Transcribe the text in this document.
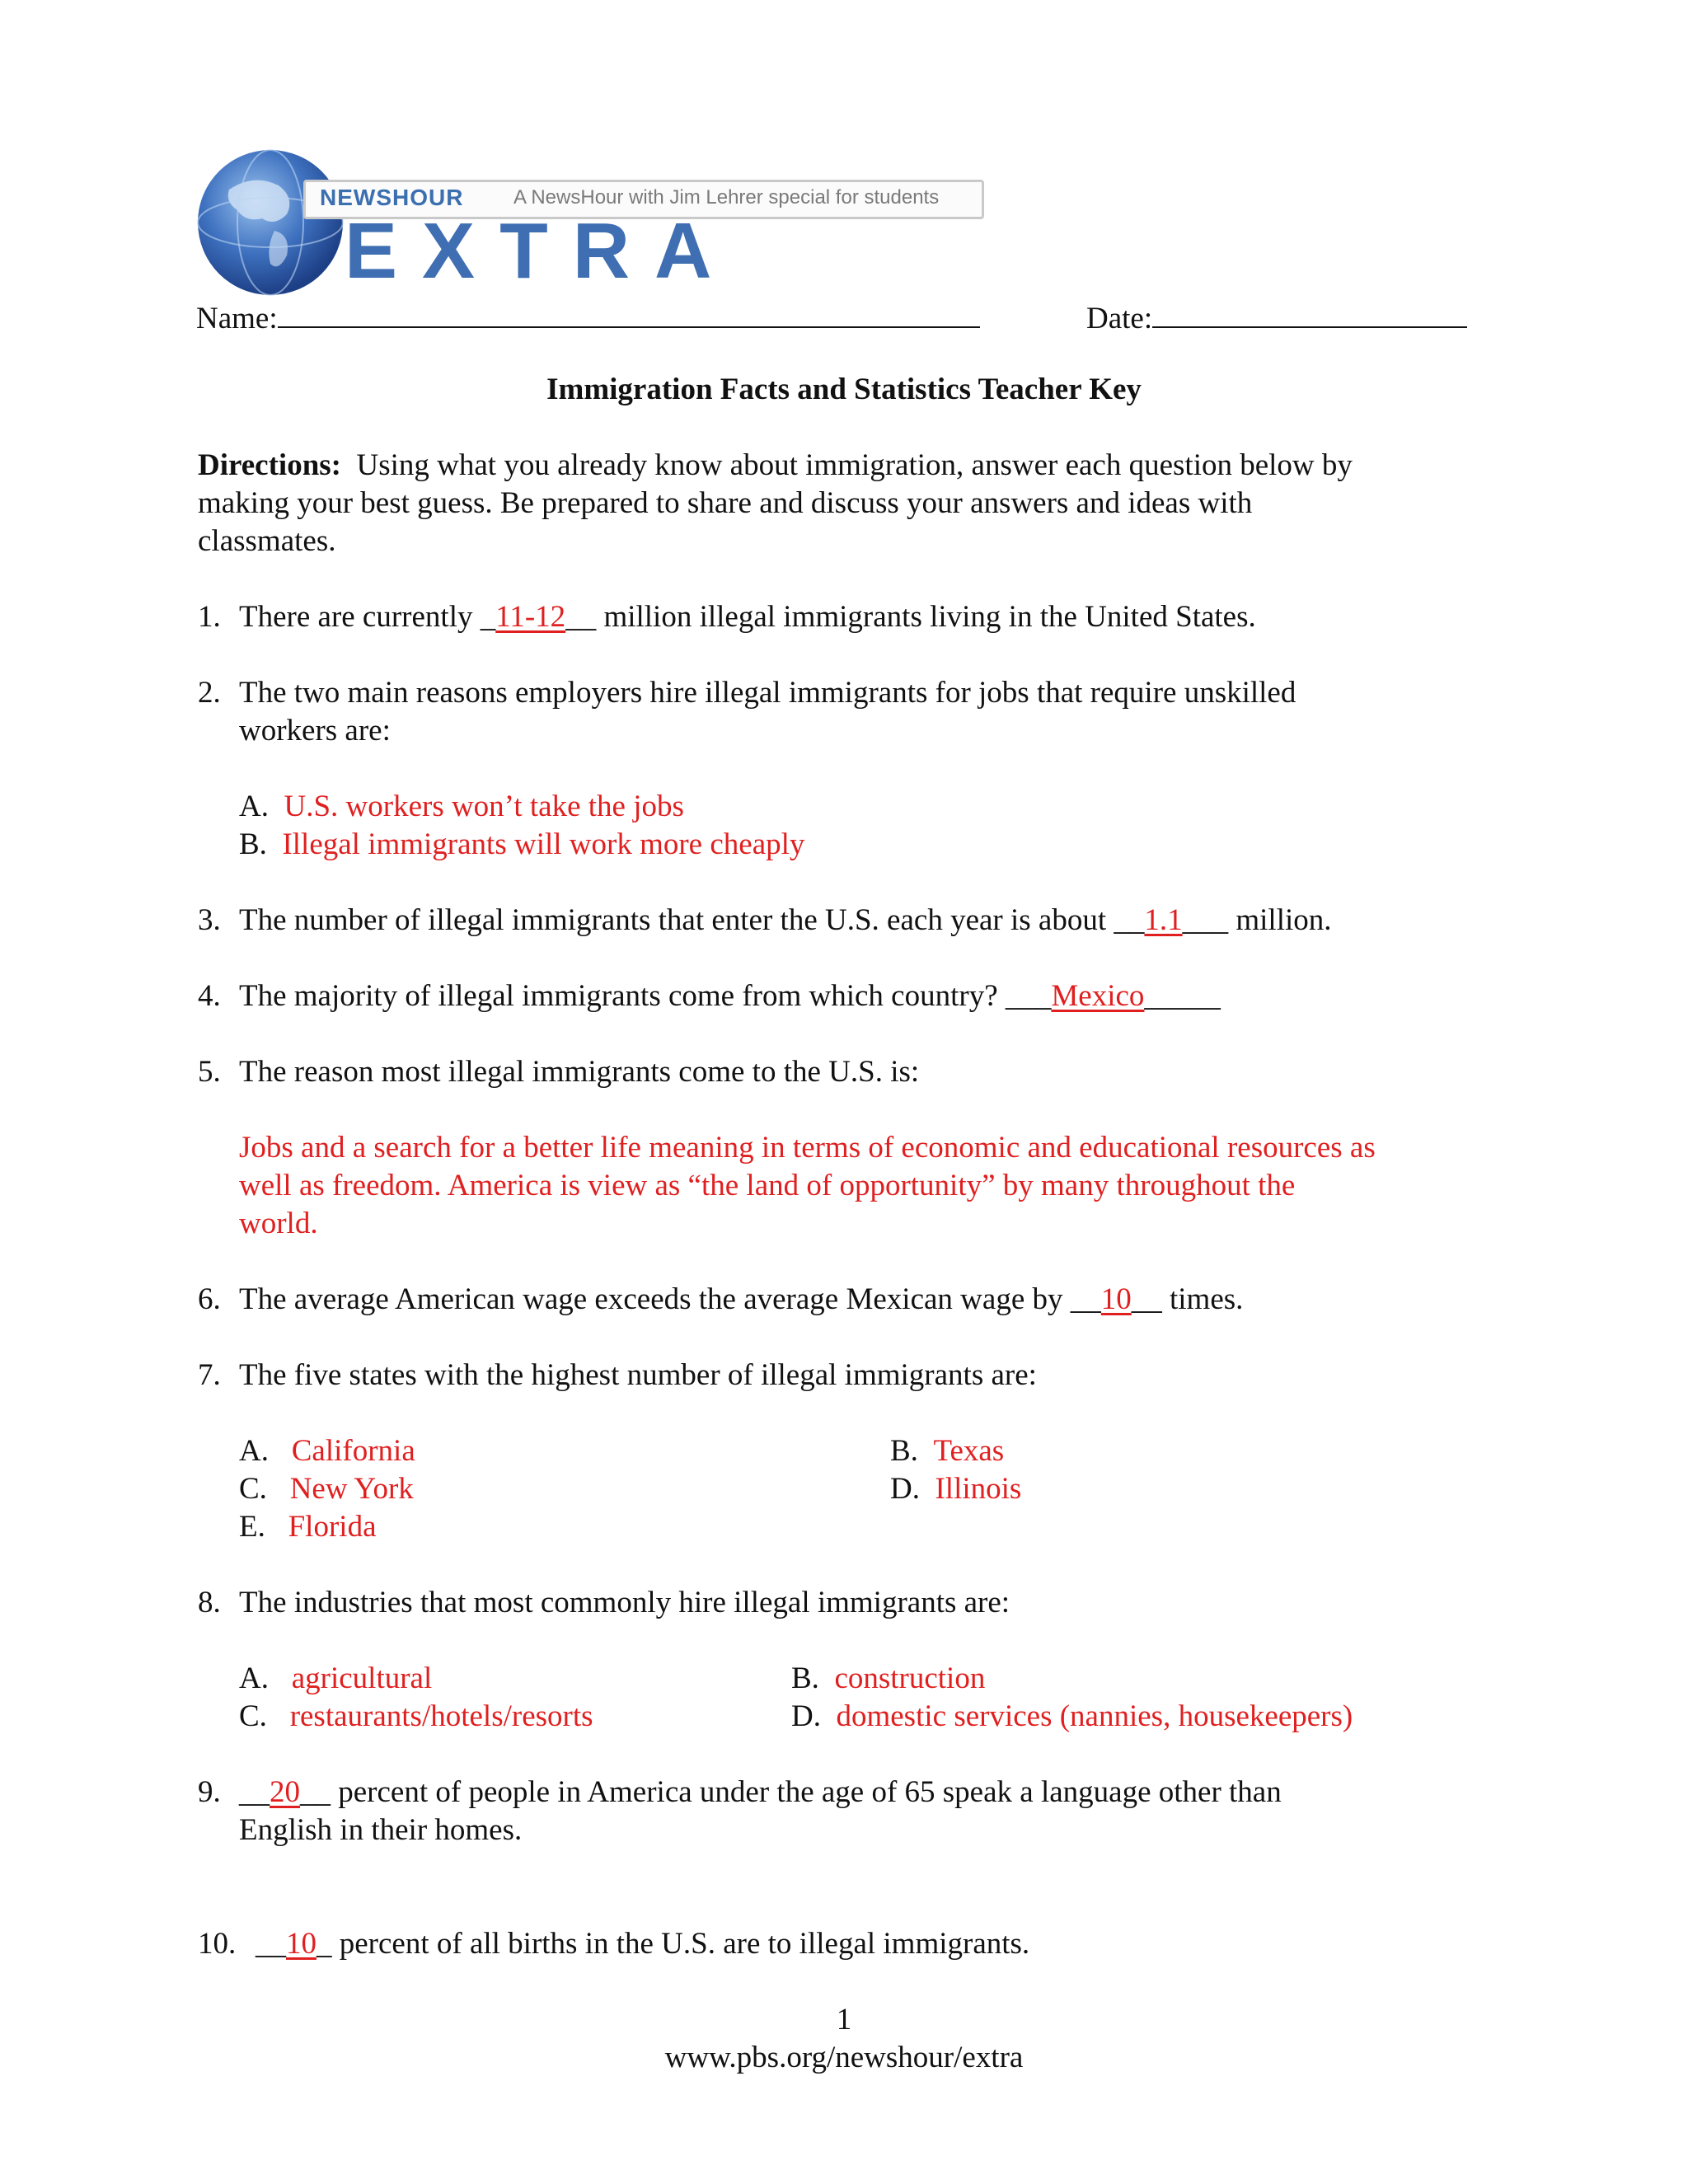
NEWSHOUR	A NewsHour with Jim Lehrer special for students
EXTRA
Name:	Date:
Immigration Facts and Statistics Teacher Key
Directions: Using what you already know about immigration, answer each question below by
making your best guess. Be prepared to share and discuss your answers and ideas with
classmates.
1. There are currently _11-12__ million illegal immigrants living in the United States.
2. The two main reasons employers hire illegal immigrants for jobs that require unskilled
workers are:
A. U.S. workers won’t take the jobs
B. Illegal immigrants will work more cheaply
3. The number of illegal immigrants that enter the U.S. each year is about __1.1___ million.
4. The majority of illegal immigrants come from which country? ___Mexico_____
5. The reason most illegal immigrants come to the U.S. is:
Jobs and a search for a better life meaning in terms of economic and educational resources as
well as freedom. America is view as “the land of opportunity” by many throughout the
world.
6. The average American wage exceeds the average Mexican wage by __10__ times.
7. The five states with the highest number of illegal immigrants are:
A. California	B. Texas
C. New York	D. Illinois
E. Florida
8. The industries that most commonly hire illegal immigrants are:
A. agricultural	B. construction
C. restaurants/hotels/resorts	D. domestic services (nannies, housekeepers)
9. __20__ percent of people in America under the age of 65 speak a language other than
English in their homes.
10. __10_ percent of all births in the U.S. are to illegal immigrants.
1
www.pbs.org/newshour/extra
